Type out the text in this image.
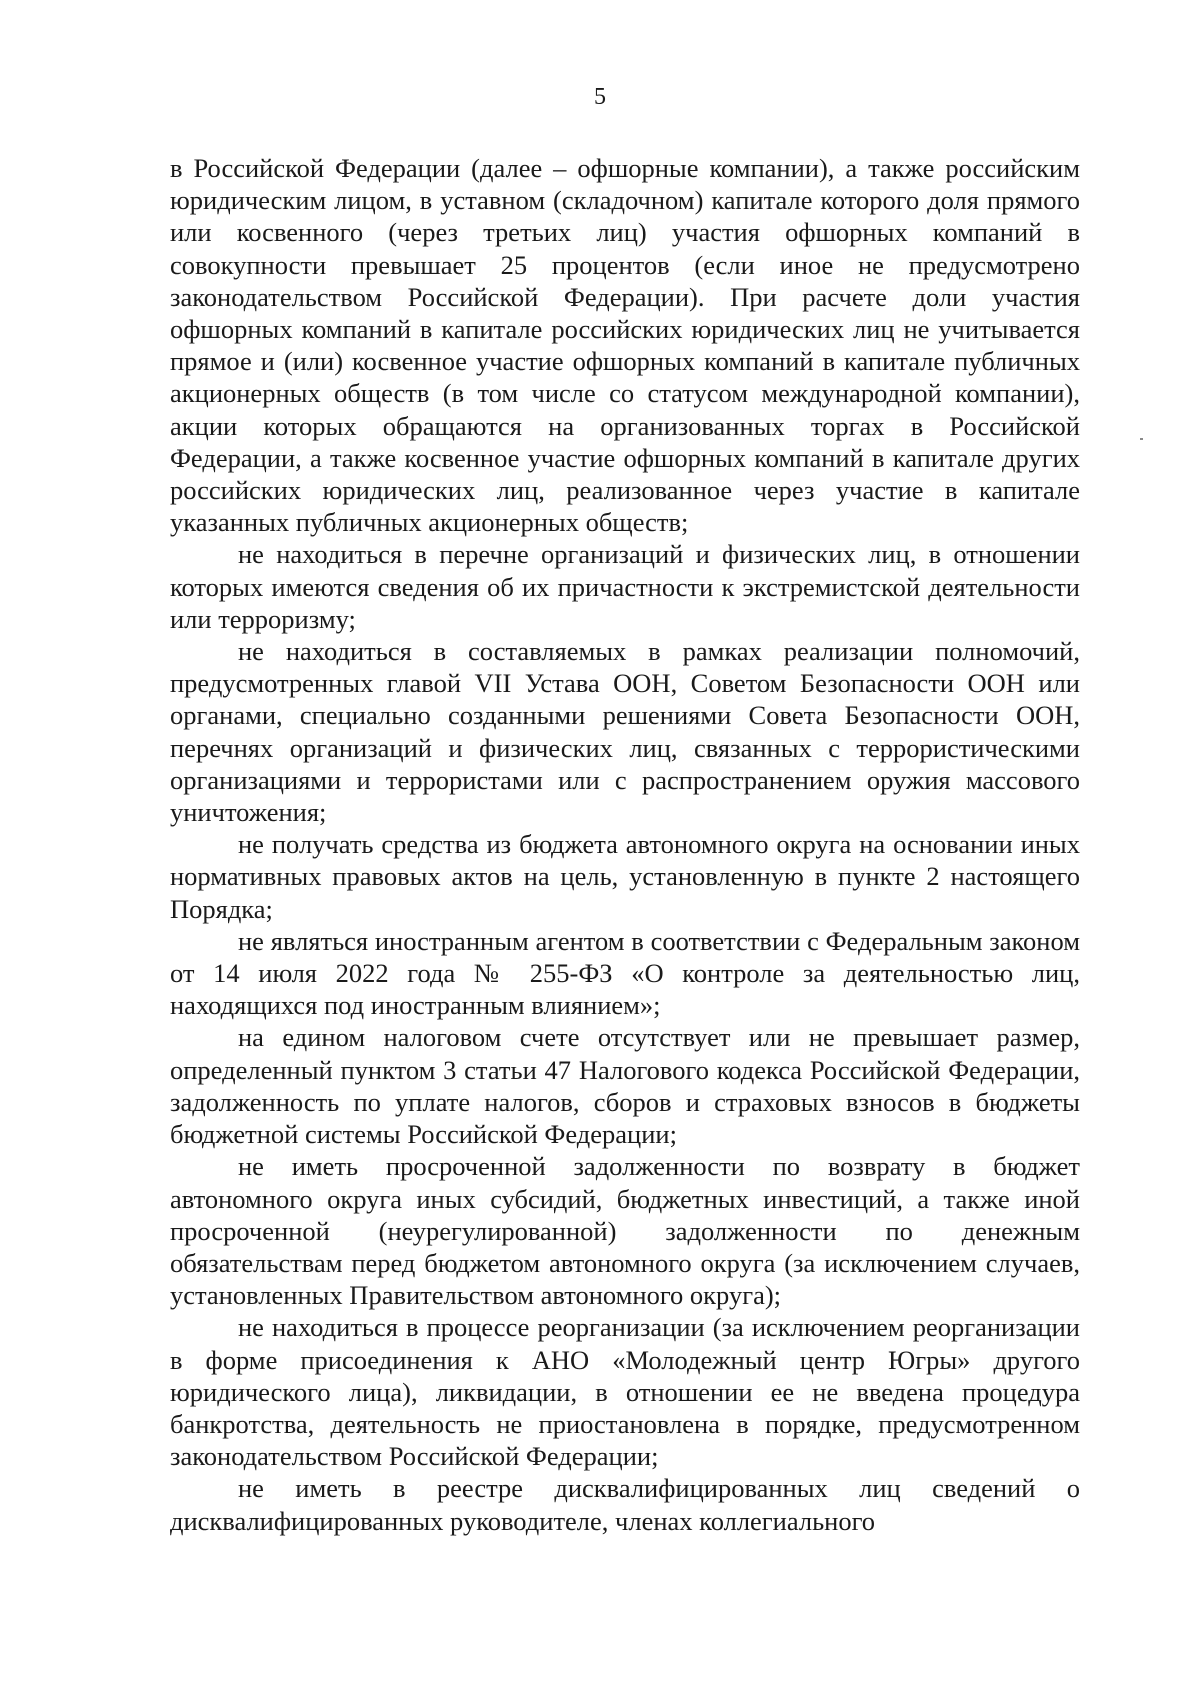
5

в Российской Федерации (далее – офшорные компании), а также российским юридическим лицом, в уставном (складочном) капитале которого доля прямого или косвенного (через третьих лиц) участия офшорных компаний в совокупности превышает 25 процентов (если иное не предусмотрено законодательством Российской Федерации). При расчете доли участия офшорных компаний в капитале российских юридических лиц не учитывается прямое и (или) косвенное участие офшорных компаний в капитале публичных акционерных обществ (в том числе со статусом международной компании), акции которых обращаются на организованных торгах в Российской Федерации, а также косвенное участие офшорных компаний в капитале других российских юридических лиц, реализованное через участие в капитале указанных публичных акционерных обществ;

не находиться в перечне организаций и физических лиц, в отношении которых имеются сведения об их причастности к экстремистской деятельности или терроризму;

не находиться в составляемых в рамках реализации полномочий, предусмотренных главой VII Устава ООН, Советом Безопасности ООН или органами, специально созданными решениями Совета Безопасности ООН, перечнях организаций и физических лиц, связанных с террористическими организациями и террористами или с распространением оружия массового уничтожения;

не получать средства из бюджета автономного округа на основании иных нормативных правовых актов на цель, установленную в пункте 2 настоящего Порядка;

не являться иностранным агентом в соответствии с Федеральным законом от 14 июля 2022 года № 255-ФЗ «О контроле за деятельностью лиц, находящихся под иностранным влиянием»;

на едином налоговом счете отсутствует или не превышает размер, определенный пунктом 3 статьи 47 Налогового кодекса Российской Федерации, задолженность по уплате налогов, сборов и страховых взносов в бюджеты бюджетной системы Российской Федерации;

не иметь просроченной задолженности по возврату в бюджет автономного округа иных субсидий, бюджетных инвестиций, а также иной просроченной (неурегулированной) задолженности по денежным обязательствам перед бюджетом автономного округа (за исключением случаев, установленных Правительством автономного округа);

не находиться в процессе реорганизации (за исключением реорганизации в форме присоединения к АНО «Молодежный центр Югры» другого юридического лица), ликвидации, в отношении ее не введена процедура банкротства, деятельность не приостановлена в порядке, предусмотренном законодательством Российской Федерации;

не иметь в реестре дисквалифицированных лиц сведений о дисквалифицированных руководителе, членах коллегиального
